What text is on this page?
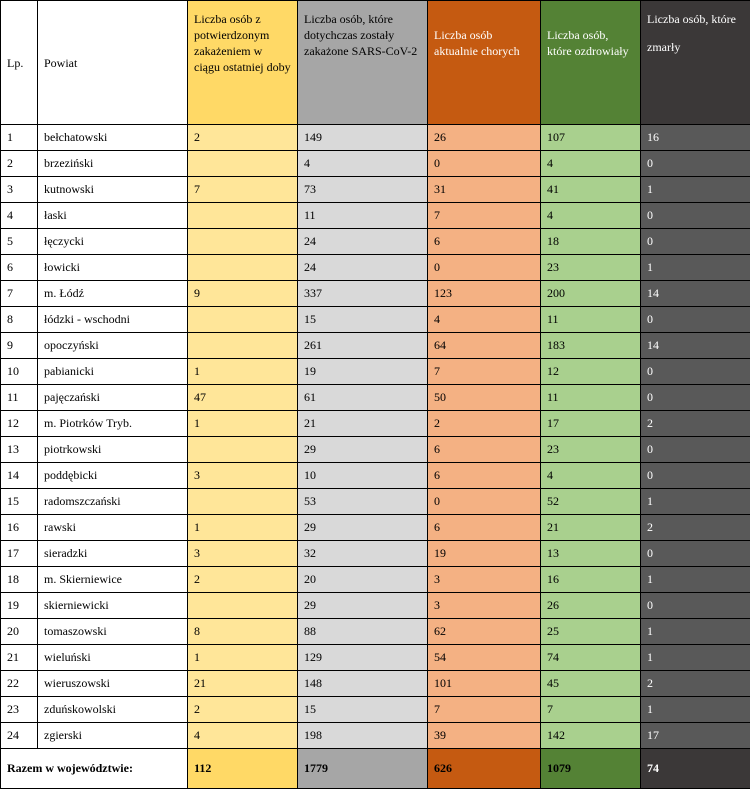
Lp.	Powiat	Liczba osób z potwierdzonym zakażeniem w ciągu ostatniej doby	Liczba osób, które dotychczas zostały zakażone SARS-CoV-2	Liczba osób aktualnie chorych	Liczba osób, które ozdrowiały	Liczba osób, które
zmarły

1	bełchatowski	2	149	26	107	16
2	brzeziński		4	0	4	0
3	kutnowski	7	73	31	41	1
4	łaski		11	7	4	0
5	łęczycki		24	6	18	0
6	łowicki		24	0	23	1
7	m. Łódź	9	337	123	200	14
8	łódzki - wschodni		15	4	11	0
9	opoczyński		261	64	183	14
10	pabianicki	1	19	7	12	0
11	pajęczański	47	61	50	11	0
12	m. Piotrków Tryb.	1	21	2	17	2
13	piotrkowski		29	6	23	0
14	poddębicki	3	10	6	4	0
15	radomszczański		53	0	52	1
16	rawski	1	29	6	21	2
17	sieradzki	3	32	19	13	0
18	m. Skierniewice	2	20	3	16	1
19	skierniewicki		29	3	26	0
20	tomaszowski	8	88	62	25	1
21	wieluński	1	129	54	74	1
22	wieruszowski	21	148	101	45	2
23	zduńskowolski	2	15	7	7	1
24	zgierski	4	198	39	142	17
Razem w województwie:		112	1779	626	1079	74
